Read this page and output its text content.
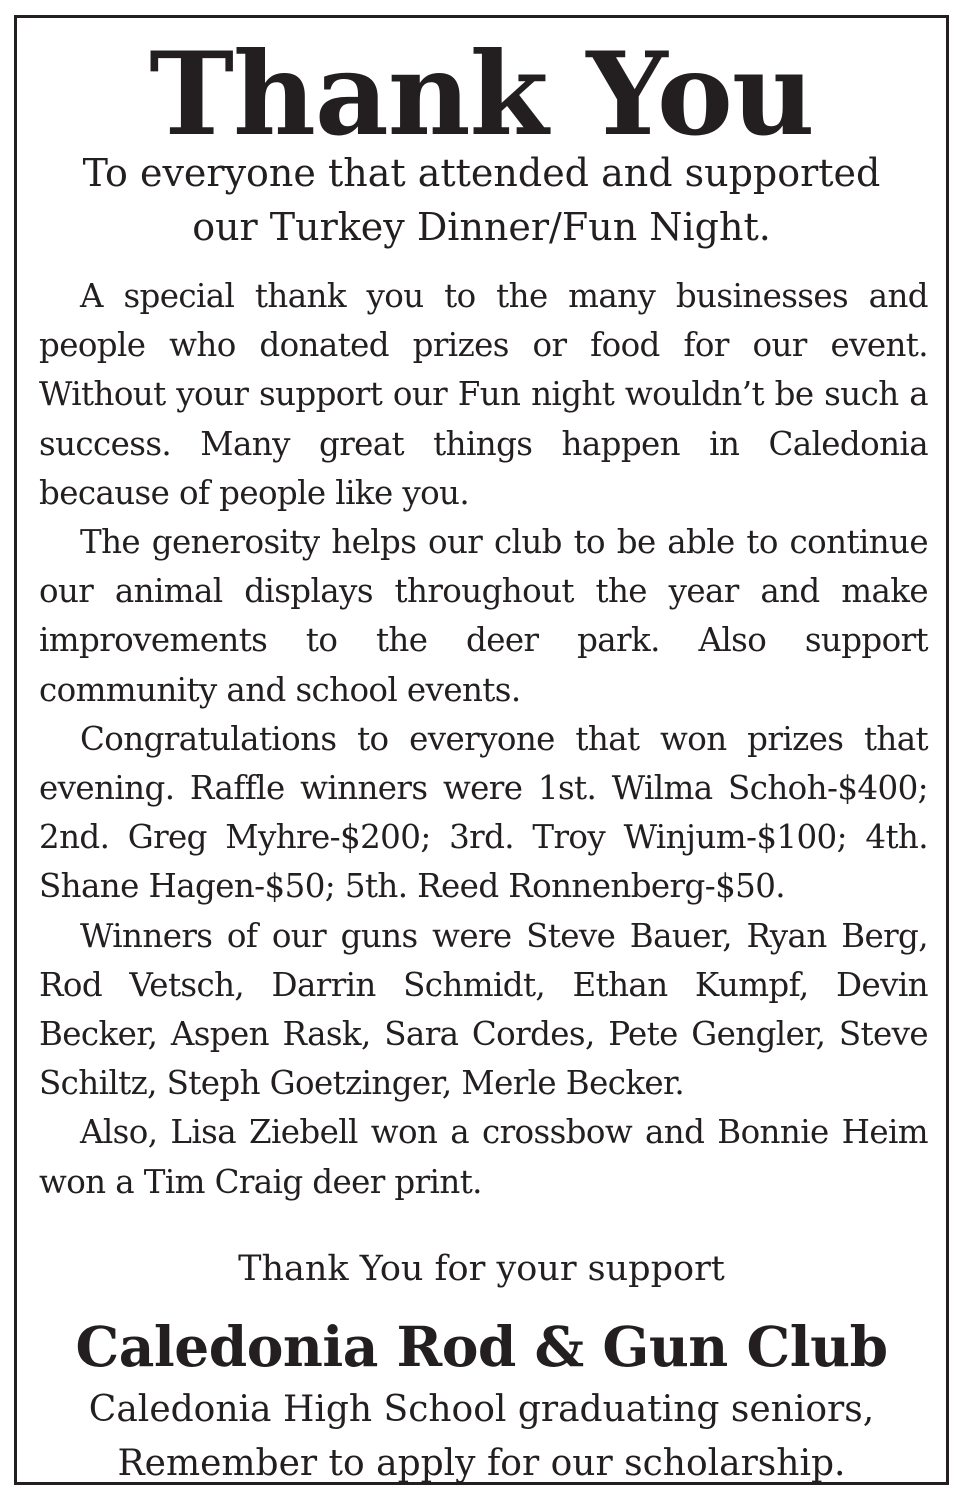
Thank You
To everyone that attended and supported
our Turkey Dinner/Fun Night.

A special thank you to the many businesses and people who donated prizes or food for our event. Without your support our Fun night wouldn’t be such a success. Many great things happen in Caledonia because of people like you.

The generosity helps our club to be able to continue our animal displays throughout the year and make improvements to the deer park. Also support community and school events.

Congratulations to everyone that won prizes that evening. Raffle winners were 1st. Wilma Schoh-$400; 2nd. Greg Myhre-$200; 3rd. Troy Winjum-$100; 4th. Shane Hagen-$50; 5th. Reed Ronnenberg-$50.

Winners of our guns were Steve Bauer, Ryan Berg, Rod Vetsch, Darrin Schmidt, Ethan Kumpf, Devin Becker, Aspen Rask, Sara Cordes, Pete Gengler, Steve Schiltz, Steph Goetzinger, Merle Becker.

Also, Lisa Ziebell won a crossbow and Bonnie Heim won a Tim Craig deer print.

Thank You for your support

Caledonia Rod & Gun Club
Caledonia High School graduating seniors,
Remember to apply for our scholarship.
